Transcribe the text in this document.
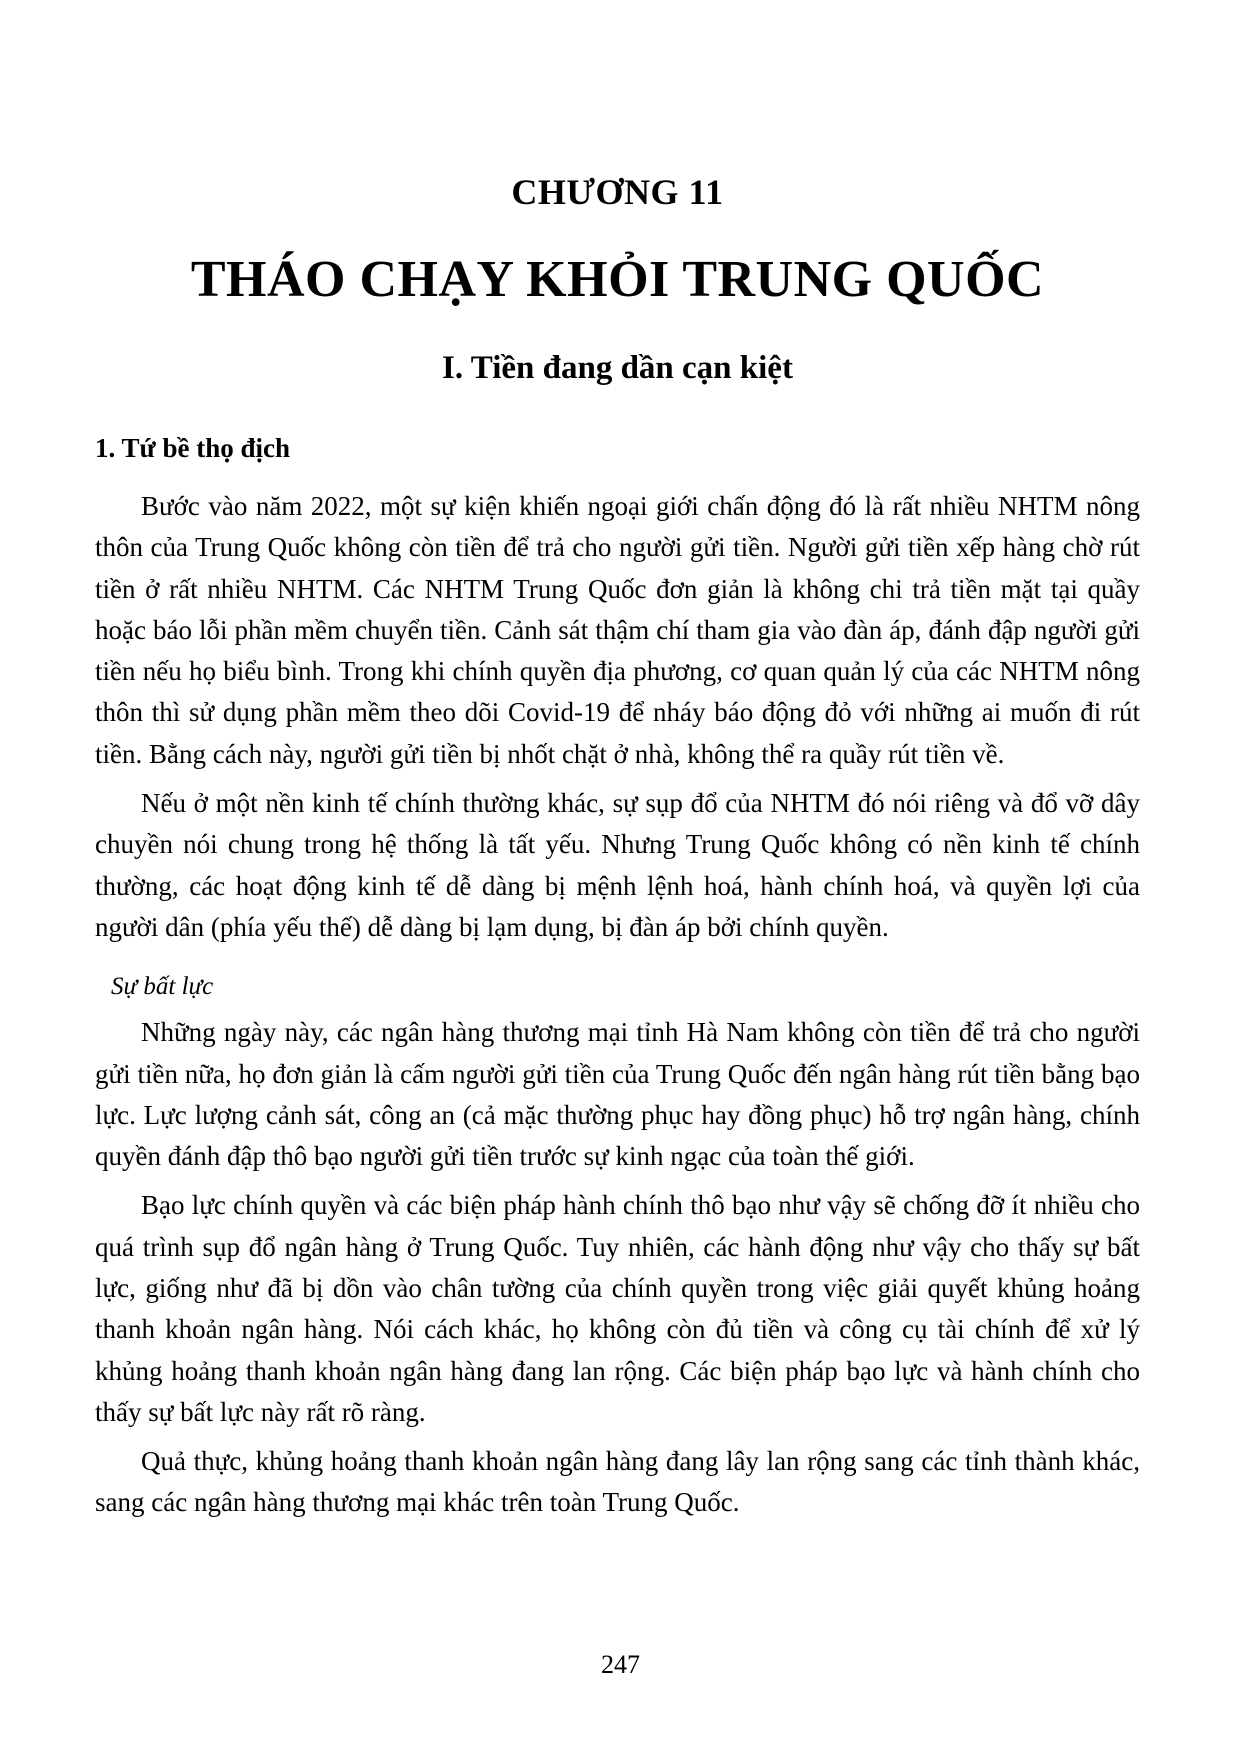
CHƯƠNG 11
THÁO CHẠY KHỎI TRUNG QUỐC
I. Tiền đang dần cạn kiệt
1. Tứ bề thọ địch

Bước vào năm 2022, một sự kiện khiến ngoại giới chấn động đó là rất nhiều NHTM nông thôn của Trung Quốc không còn tiền để trả cho người gửi tiền. Người gửi tiền xếp hàng chờ rút tiền ở rất nhiều NHTM. Các NHTM Trung Quốc đơn giản là không chi trả tiền mặt tại quầy hoặc báo lỗi phần mềm chuyển tiền. Cảnh sát thậm chí tham gia vào đàn áp, đánh đập người gửi tiền nếu họ biểu bình. Trong khi chính quyền địa phương, cơ quan quản lý của các NHTM nông thôn thì sử dụng phần mềm theo dõi Covid-19 để nháy báo động đỏ với những ai muốn đi rút tiền. Bằng cách này, người gửi tiền bị nhốt chặt ở nhà, không thể ra quầy rút tiền về.

Nếu ở một nền kinh tế chính thường khác, sự sụp đổ của NHTM đó nói riêng và đổ vỡ dây chuyền nói chung trong hệ thống là tất yếu. Nhưng Trung Quốc không có nền kinh tế chính thường, các hoạt động kinh tế dễ dàng bị mệnh lệnh hoá, hành chính hoá, và quyền lợi của người dân (phía yếu thế) dễ dàng bị lạm dụng, bị đàn áp bởi chính quyền.

Sự bất lực

Những ngày này, các ngân hàng thương mại tỉnh Hà Nam không còn tiền để trả cho người gửi tiền nữa, họ đơn giản là cấm người gửi tiền của Trung Quốc đến ngân hàng rút tiền bằng bạo lực. Lực lượng cảnh sát, công an (cả mặc thường phục hay đồng phục) hỗ trợ ngân hàng, chính quyền đánh đập thô bạo người gửi tiền trước sự kinh ngạc của toàn thế giới.

Bạo lực chính quyền và các biện pháp hành chính thô bạo như vậy sẽ chống đỡ ít nhiều cho quá trình sụp đổ ngân hàng ở Trung Quốc. Tuy nhiên, các hành động như vậy cho thấy sự bất lực, giống như đã bị dồn vào chân tường của chính quyền trong việc giải quyết khủng hoảng thanh khoản ngân hàng. Nói cách khác, họ không còn đủ tiền và công cụ tài chính để xử lý khủng hoảng thanh khoản ngân hàng đang lan rộng. Các biện pháp bạo lực và hành chính cho thấy sự bất lực này rất rõ ràng.

Quả thực, khủng hoảng thanh khoản ngân hàng đang lây lan rộng sang các tỉnh thành khác, sang các ngân hàng thương mại khác trên toàn Trung Quốc.

247
